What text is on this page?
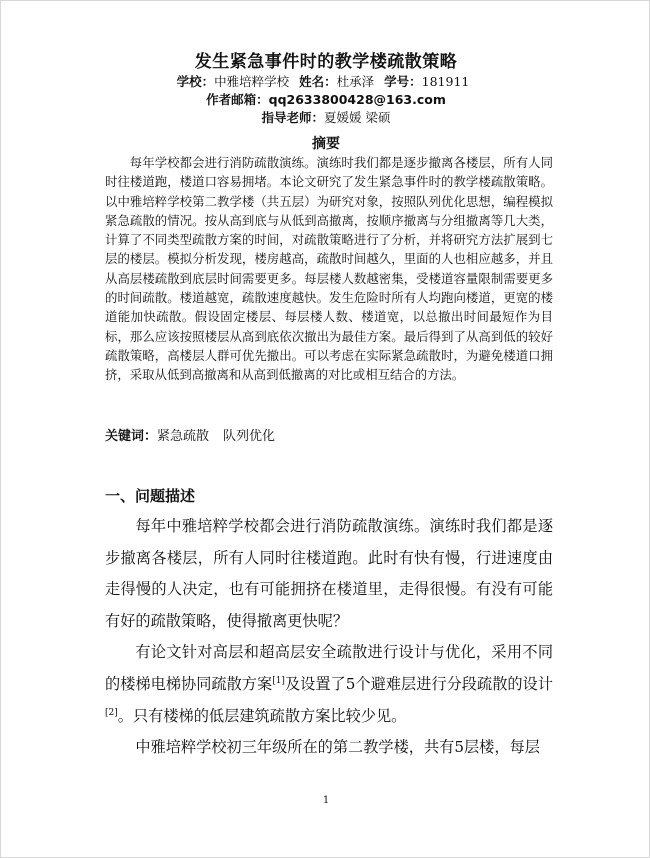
发生紧急事件时的教学楼疏散策略
学校：中雅培粹学校 姓名：杜承泽 学号：181911
作者邮箱：qq2633800428@163.com
指导老师：夏媛媛 梁硕
摘要

每年学校都会进行消防疏散演练。演练时我们都是逐步撤离各楼层，所有人同时往楼道跑，楼道口容易拥堵。本论文研究了发生紧急事件时的教学楼疏散策略。以中雅培粹学校第二教学楼（共五层）为研究对象，按照队列优化思想，编程模拟紧急疏散的情况。按从高到底与从低到高撤离，按顺序撤离与分组撤离等几大类，计算了不同类型疏散方案的时间，对疏散策略进行了分析，并将研究方法扩展到七层的楼层。模拟分析发现，楼房越高，疏散时间越久，里面的人也相应越多，并且从高层楼疏散到底层时间需要更多。每层楼人数越密集，受楼道容量限制需要更多的时间疏散。楼道越宽，疏散速度越快。发生危险时所有人均跑向楼道，更宽的楼道能加快疏散。假设固定楼层、每层楼人数、楼道宽，以总撤出时间最短作为目标，那么应该按照楼层从高到底依次撤出为最佳方案。最后得到了从高到低的较好疏散策略，高楼层人群可优先撤出。可以考虑在实际紧急疏散时，为避免楼道口拥挤，采取从低到高撤离和从高到低撤离的对比或相互结合的方法。

关键词：紧急疏散 队列优化
一、问题描述

每年中雅培粹学校都会进行消防疏散演练。演练时我们都是逐步撤离各楼层，所有人同时往楼道跑。此时有快有慢，行进速度由走得慢的人决定，也有可能拥挤在楼道里，走得很慢。有没有可能有好的疏散策略，使得撤离更快呢？

有论文针对高层和超高层安全疏散进行设计与优化，采用不同的楼梯电梯协同疏散方案[1]及设置了5个避难层进行分段疏散的设计[2]。只有楼梯的低层建筑疏散方案比较少见。

中雅培粹学校初三年级所在的第二教学楼，共有5层楼，每层

1
